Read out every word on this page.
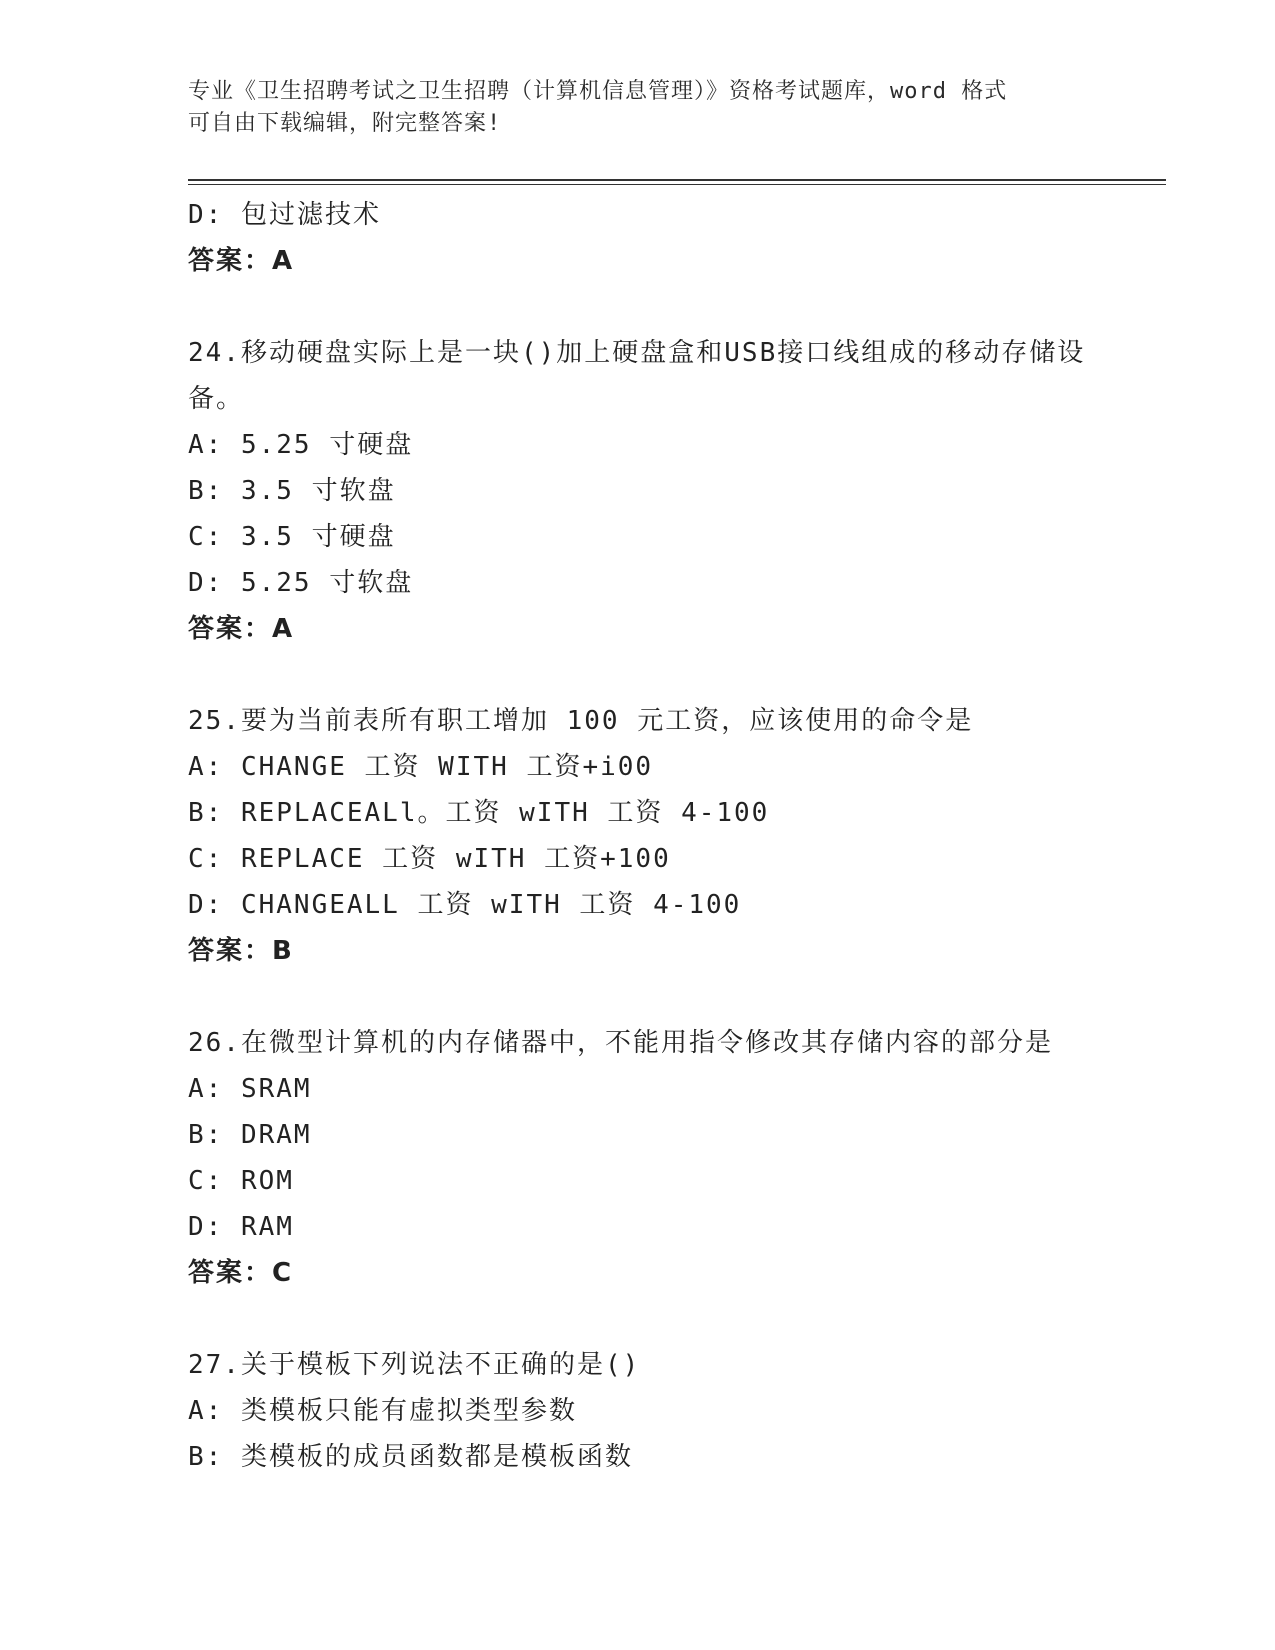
专业《卫生招聘考试之卫生招聘（计算机信息管理）》资格考试题库，word 格式
可自由下载编辑，附完整答案!
D: 包过滤技术
答案：A
24.移动硬盘实际上是一块()加上硬盘盒和USB接口线组成的移动存储设备。
A: 5.25 寸硬盘
B: 3.5 寸软盘
C: 3.5 寸硬盘
D: 5.25 寸软盘
答案：A
25.要为当前表所有职工增加 100 元工资，应该使用的命令是
A: CHANGE 工资 WITH 工资+i00
B: REPLACEALl。工资 wITH 工资 4-100
C: REPLACE 工资 wITH 工资+100
D: CHANGEALL 工资 wITH 工资 4-100
答案：B
26.在微型计算机的内存储器中，不能用指令修改其存储内容的部分是
A: SRAM
B: DRAM
C: ROM
D: RAM
答案：C
27.关于模板下列说法不正确的是()
A: 类模板只能有虚拟类型参数
B: 类模板的成员函数都是模板函数
